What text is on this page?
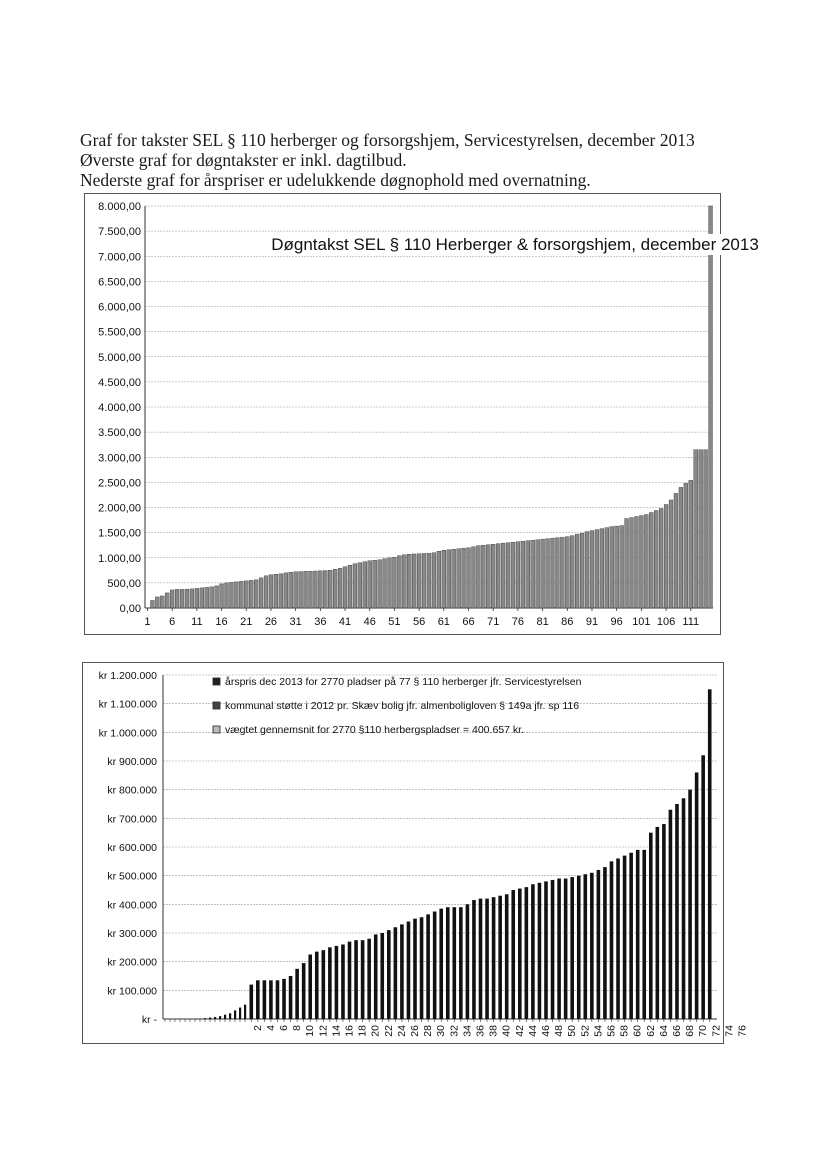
Graf for takster SEL § 110 herberger og forsorgshjem, Servicestyrelsen, december 2013
Øverste graf for døgntakster er inkl. dagtilbud.
Nederste graf for årspriser er udelukkende døgnophold med overnatning.
0,00
500,00
1.000,00
1.500,00
2.000,00
2.500,00
3.000,00
3.500,00
4.000,00
4.500,00
5.000,00
5.500,00
6.000,00
6.500,00
7.000,00
7.500,00
8.000,00
1 6 11 16 21 26 31 36 41 46 51 56 61 66 71 76 81 86 91 96 101 106 111
Døgntakst SEL § 110 Herberger & forsorgshjem, december 2013
kr -
kr 100.000
kr 200.000
kr 300.000
kr 400.000
kr 500.000
kr 600.000
kr 700.000
kr 800.000
kr 900.000
kr 1.000.000
kr 1.100.000
kr 1.200.000
2 4 6 8 10 12 14 16 18 20 22 24 26 28 30 32 34 36 38 40 42 44 46 48 50 52 54 56 58 60 62 64 66 68 70 72 74 76
årspris dec 2013 for 2770 pladser på 77 § 110 herberger jfr. Servicestyrelsen
kommunal støtte i 2012 pr. Skæv bolig jfr. almenboligloven § 149a jfr. sp 116
vægtet gennemsnit for 2770 §110 herbergspladser = 400.657 kr.
